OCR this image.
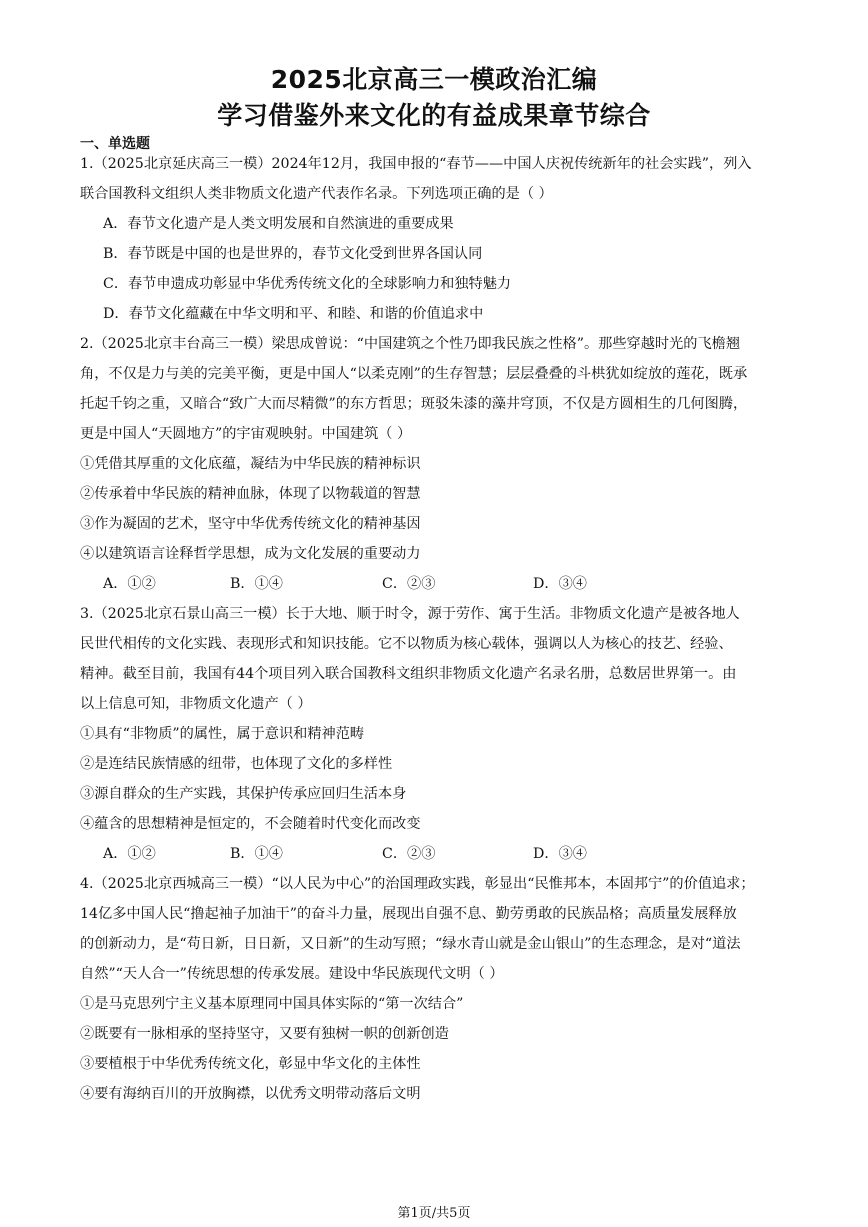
2025北京高三一模政治汇编
学习借鉴外来文化的有益成果章节综合
一、单选题
1.（2025北京延庆高三一模）2024年12月，我国申报的“春节——中国人庆祝传统新年的社会实践”，列入
联合国教科文组织人类非物质文化遗产代表作名录。下列选项正确的是（ ）
A．春节文化遗产是人类文明发展和自然演进的重要成果
B．春节既是中国的也是世界的，春节文化受到世界各国认同
C．春节申遗成功彰显中华优秀传统文化的全球影响力和独特魅力
D．春节文化蕴藏在中华文明和平、和睦、和谐的价值追求中
2.（2025北京丰台高三一模）梁思成曾说：“中国建筑之个性乃即我民族之性格”。那些穿越时光的飞檐翘
角，不仅是力与美的完美平衡，更是中国人“以柔克刚”的生存智慧；层层叠叠的斗栱犹如绽放的莲花，既承
托起千钧之重，又暗合“致广大而尽精微”的东方哲思；斑驳朱漆的藻井穹顶，不仅是方圆相生的几何图腾，
更是中国人“天圆地方”的宇宙观映射。中国建筑（ ）
①凭借其厚重的文化底蕴，凝结为中华民族的精神标识
②传承着中华民族的精神血脉，体现了以物载道的智慧
③作为凝固的艺术，坚守中华优秀传统文化的精神基因
④以建筑语言诠释哲学思想，成为文化发展的重要动力
A．①②	B．①④	C．②③	D．③④
3.（2025北京石景山高三一模）长于大地、顺于时令，源于劳作、寓于生活。非物质文化遗产是被各地人
民世代相传的文化实践、表现形式和知识技能。它不以物质为核心载体，强调以人为核心的技艺、经验、
精神。截至目前，我国有44个项目列入联合国教科文组织非物质文化遗产名录名册，总数居世界第一。由
以上信息可知，非物质文化遗产（ ）
①具有“非物质”的属性，属于意识和精神范畴
②是连结民族情感的纽带，也体现了文化的多样性
③源自群众的生产实践，其保护传承应回归生活本身
④蕴含的思想精神是恒定的，不会随着时代变化而改变
A．①②	B．①④	C．②③	D．③④
4.（2025北京西城高三一模）“以人民为中心”的治国理政实践，彰显出“民惟邦本，本固邦宁”的价值追求；
14亿多中国人民“撸起袖子加油干”的奋斗力量，展现出自强不息、勤劳勇敢的民族品格；高质量发展释放
的创新动力，是“苟日新，日日新，又日新”的生动写照；“绿水青山就是金山银山”的生态理念，是对“道法
自然”“天人合一”传统思想的传承发展。建设中华民族现代文明（ ）
①是马克思列宁主义基本原理同中国具体实际的“第一次结合”
②既要有一脉相承的坚持坚守，又要有独树一帜的创新创造
③要植根于中华优秀传统文化，彰显中华文化的主体性
④要有海纳百川的开放胸襟，以优秀文明带动落后文明
第1页/共5页
